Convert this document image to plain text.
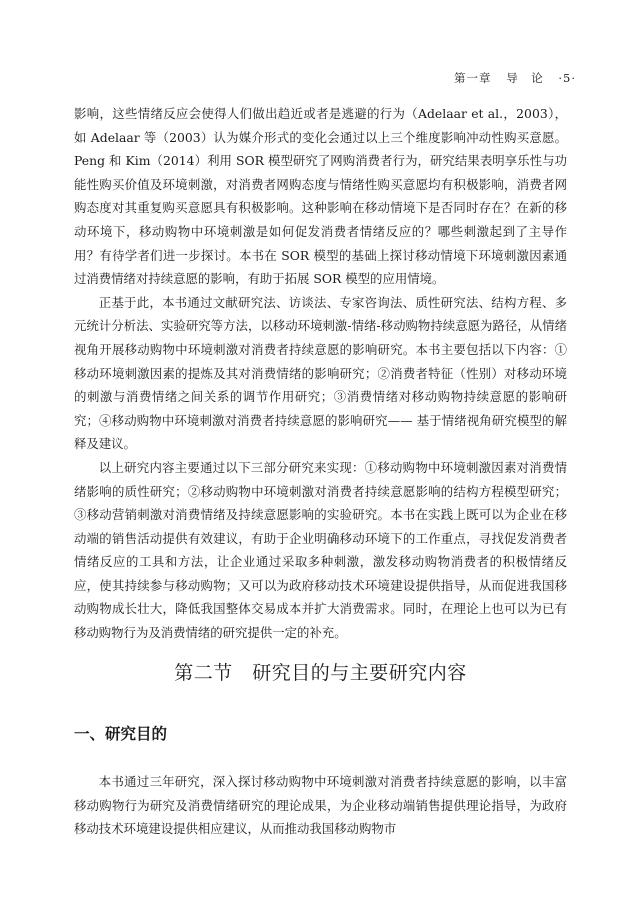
第一章 导　论 ·5·

影响，这些情绪反应会使得人们做出趋近或者是逃避的行为（Adelaar et al.，2003），如 Adelaar 等（2003）认为媒介形式的变化会通过以上三个维度影响冲动性购买意愿。Peng 和 Kim（2014）利用 SOR 模型研究了网购消费者行为，研究结果表明享乐性与功能性购买价值及环境刺激，对消费者网购态度与情绪性购买意愿均有积极影响，消费者网购态度对其重复购买意愿具有积极影响。这种影响在移动情境下是否同时存在？在新的移动环境下，移动购物中环境刺激是如何促发消费者情绪反应的？哪些刺激起到了主导作用？有待学者们进一步探讨。本书在 SOR 模型的基础上探讨移动情境下环境刺激因素通过消费情绪对持续意愿的影响，有助于拓展 SOR 模型的应用情境。

正基于此，本书通过文献研究法、访谈法、专家咨询法、质性研究法、结构方程、多元统计分析法、实验研究等方法，以移动环境刺激-情绪-移动购物持续意愿为路径，从情绪视角开展移动购物中环境刺激对消费者持续意愿的影响研究。本书主要包括以下内容：①移动环境刺激因素的提炼及其对消费情绪的影响研究；②消费者特征（性别）对移动环境的刺激与消费情绪之间关系的调节作用研究；③消费情绪对移动购物持续意愿的影响研究；④移动购物中环境刺激对消费者持续意愿的影响研究—— 基于情绪视角研究模型的解释及建议。

以上研究内容主要通过以下三部分研究来实现：①移动购物中环境刺激因素对消费情绪影响的质性研究；②移动购物中环境刺激对消费者持续意愿影响的结构方程模型研究；③移动营销刺激对消费情绪及持续意愿影响的实验研究。本书在实践上既可以为企业在移动端的销售活动提供有效建议，有助于企业明确移动环境下的工作重点，寻找促发消费者情绪反应的工具和方法，让企业通过采取多种刺激，激发移动购物消费者的积极情绪反应，使其持续参与移动购物；又可以为政府移动技术环境建设提供指导，从而促进我国移动购物成长壮大，降低我国整体交易成本并扩大消费需求。同时，在理论上也可以为已有移动购物行为及消费情绪的研究提供一定的补充。

第二节　研究目的与主要研究内容
一、研究目的

本书通过三年研究，深入探讨移动购物中环境刺激对消费者持续意愿的影响，以丰富移动购物行为研究及消费情绪研究的理论成果，为企业移动端销售提供理论指导，为政府移动技术环境建设提供相应建议，从而推动我国移动购物市
